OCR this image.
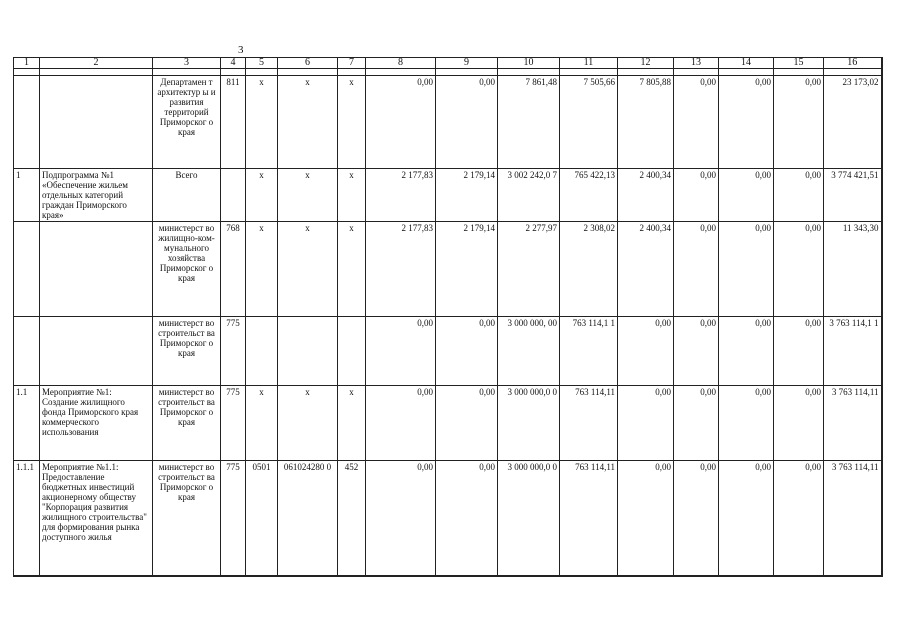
3
1	2	3	4	5	6	7	8	9	10	11	12	13	14	15	16

		Департамен т архитектур ы и развития территорий Приморског о края	811	x	x	x	0,00	0,00	7 861,48	7 505,66	7 805,88	0,00	0,00	0,00	23 173,02
1	Подпрограмма №1 «Обеспечение жильем отдельных категорий граждан Приморского края»	Всего		x	x	x	2 177,83	2 179,14	3 002 242,0 7	765 422,13	2 400,34	0,00	0,00	0,00	3 774 421,51
		министерст во жилищно-ком-мунального хозяйства Приморског о края	768	x	x	x	2 177,83	2 179,14	2 277,97	2 308,02	2 400,34	0,00	0,00	0,00	11 343,30
		министерст во строительст ва Приморског о края	775				0,00	0,00	3 000 000, 00	763 114,1 1	0,00	0,00	0,00	0,00	3 763 114,1 1
1.1	Мероприятие №1: Создание жилищного фонда Приморского края коммерческого использования	министерст во строительст ва Приморског о края	775	x	x	x	0,00	0,00	3 000 000,0 0	763 114,11	0,00	0,00	0,00	0,00	3 763 114,11
1.1.1	Мероприятие №1.1: Предоставление бюджетных инвестиций акционерному обществу "Корпорация развития жилищного строительства" для формирования рынка доступного жилья	министерст во строительст ва Приморског о края	775	0501	061024280 0	452	0,00	0,00	3 000 000,0 0	763 114,11	0,00	0,00	0,00	0,00	3 763 114,11
